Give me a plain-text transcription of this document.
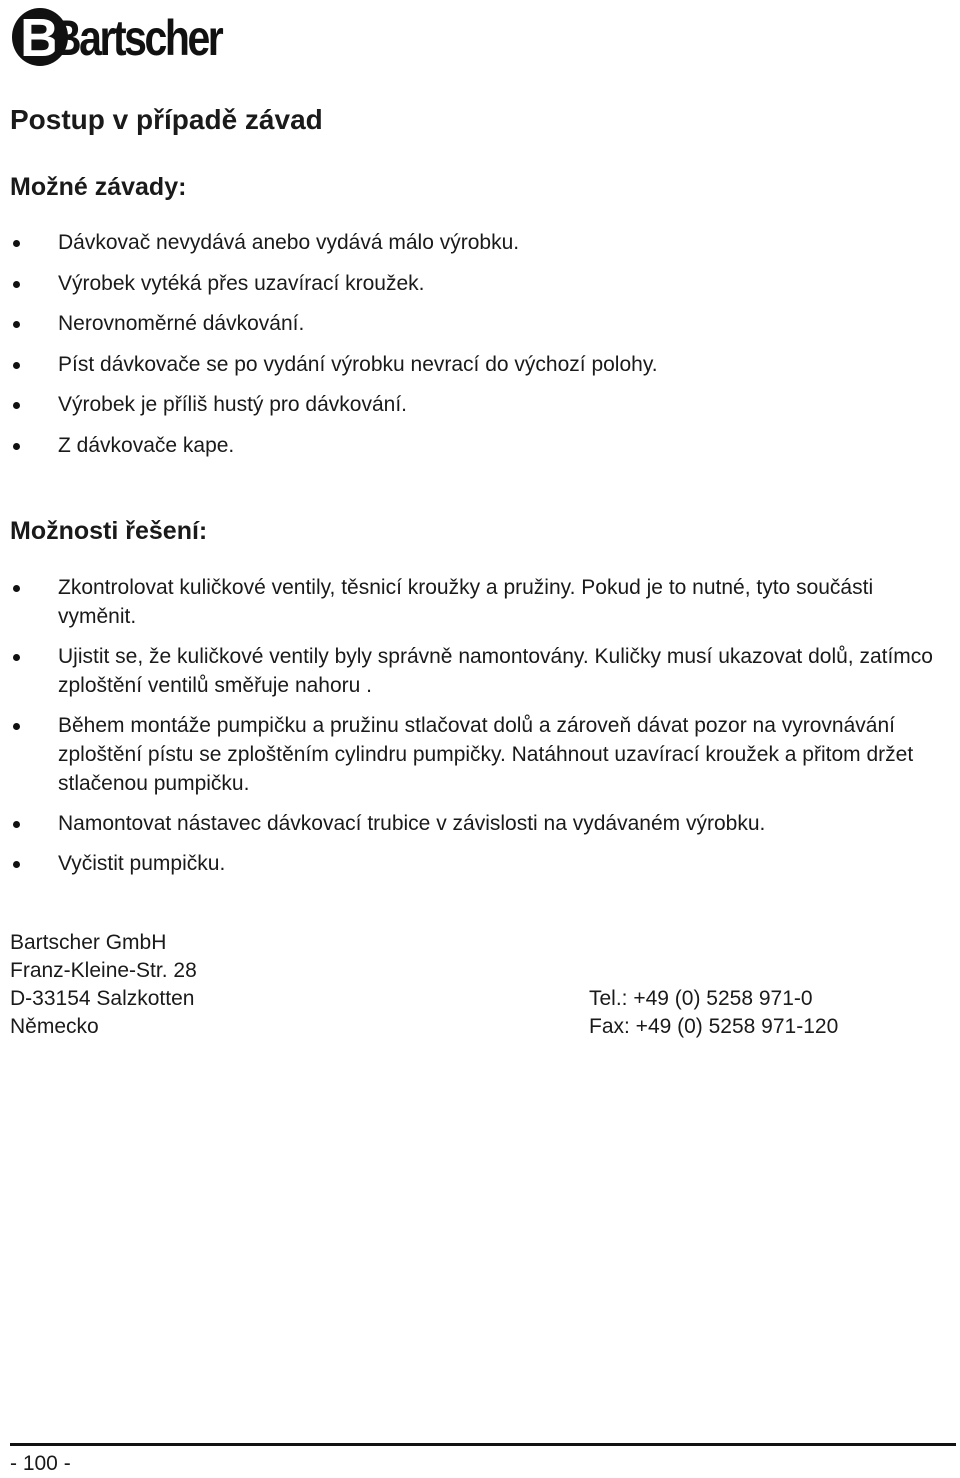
B
Bartscher
Postup v případě závad
Možné závady:
Dávkovač nevydává anebo vydává málo výrobku.
Výrobek vytéká přes uzavírací kroužek.
Nerovnoměrné dávkování.
Píst dávkovače se po vydání výrobku nevrací do výchozí polohy.
Výrobek je příliš hustý pro dávkování.
Z dávkovače kape.
Možnosti řešení:
Zkontrolovat kuličkové ventily, těsnicí kroužky a pružiny. Pokud je to nutné, tyto součásti vyměnit.
Ujistit se, že kuličkové ventily byly správně namontovány. Kuličky musí ukazovat dolů, zatímco zploštění ventilů směřuje nahoru .
Během montáže pumpičku a pružinu stlačovat dolů a zároveň dávat pozor na vyrovnávání zploštění pístu se zploštěním cylindru pumpičky. Natáhnout uzavírací kroužek a přitom držet stlačenou pumpičku.
Namontovat nástavec dávkovací trubice v závislosti na vydávaném výrobku.
Vyčistit pumpičku.
Bartscher GmbH
Franz-Kleine-Str. 28
D-33154 Salzkotten
Německo
Tel.: +49 (0) 5258 971-0
Fax: +49 (0) 5258 971-120
- 100 -
